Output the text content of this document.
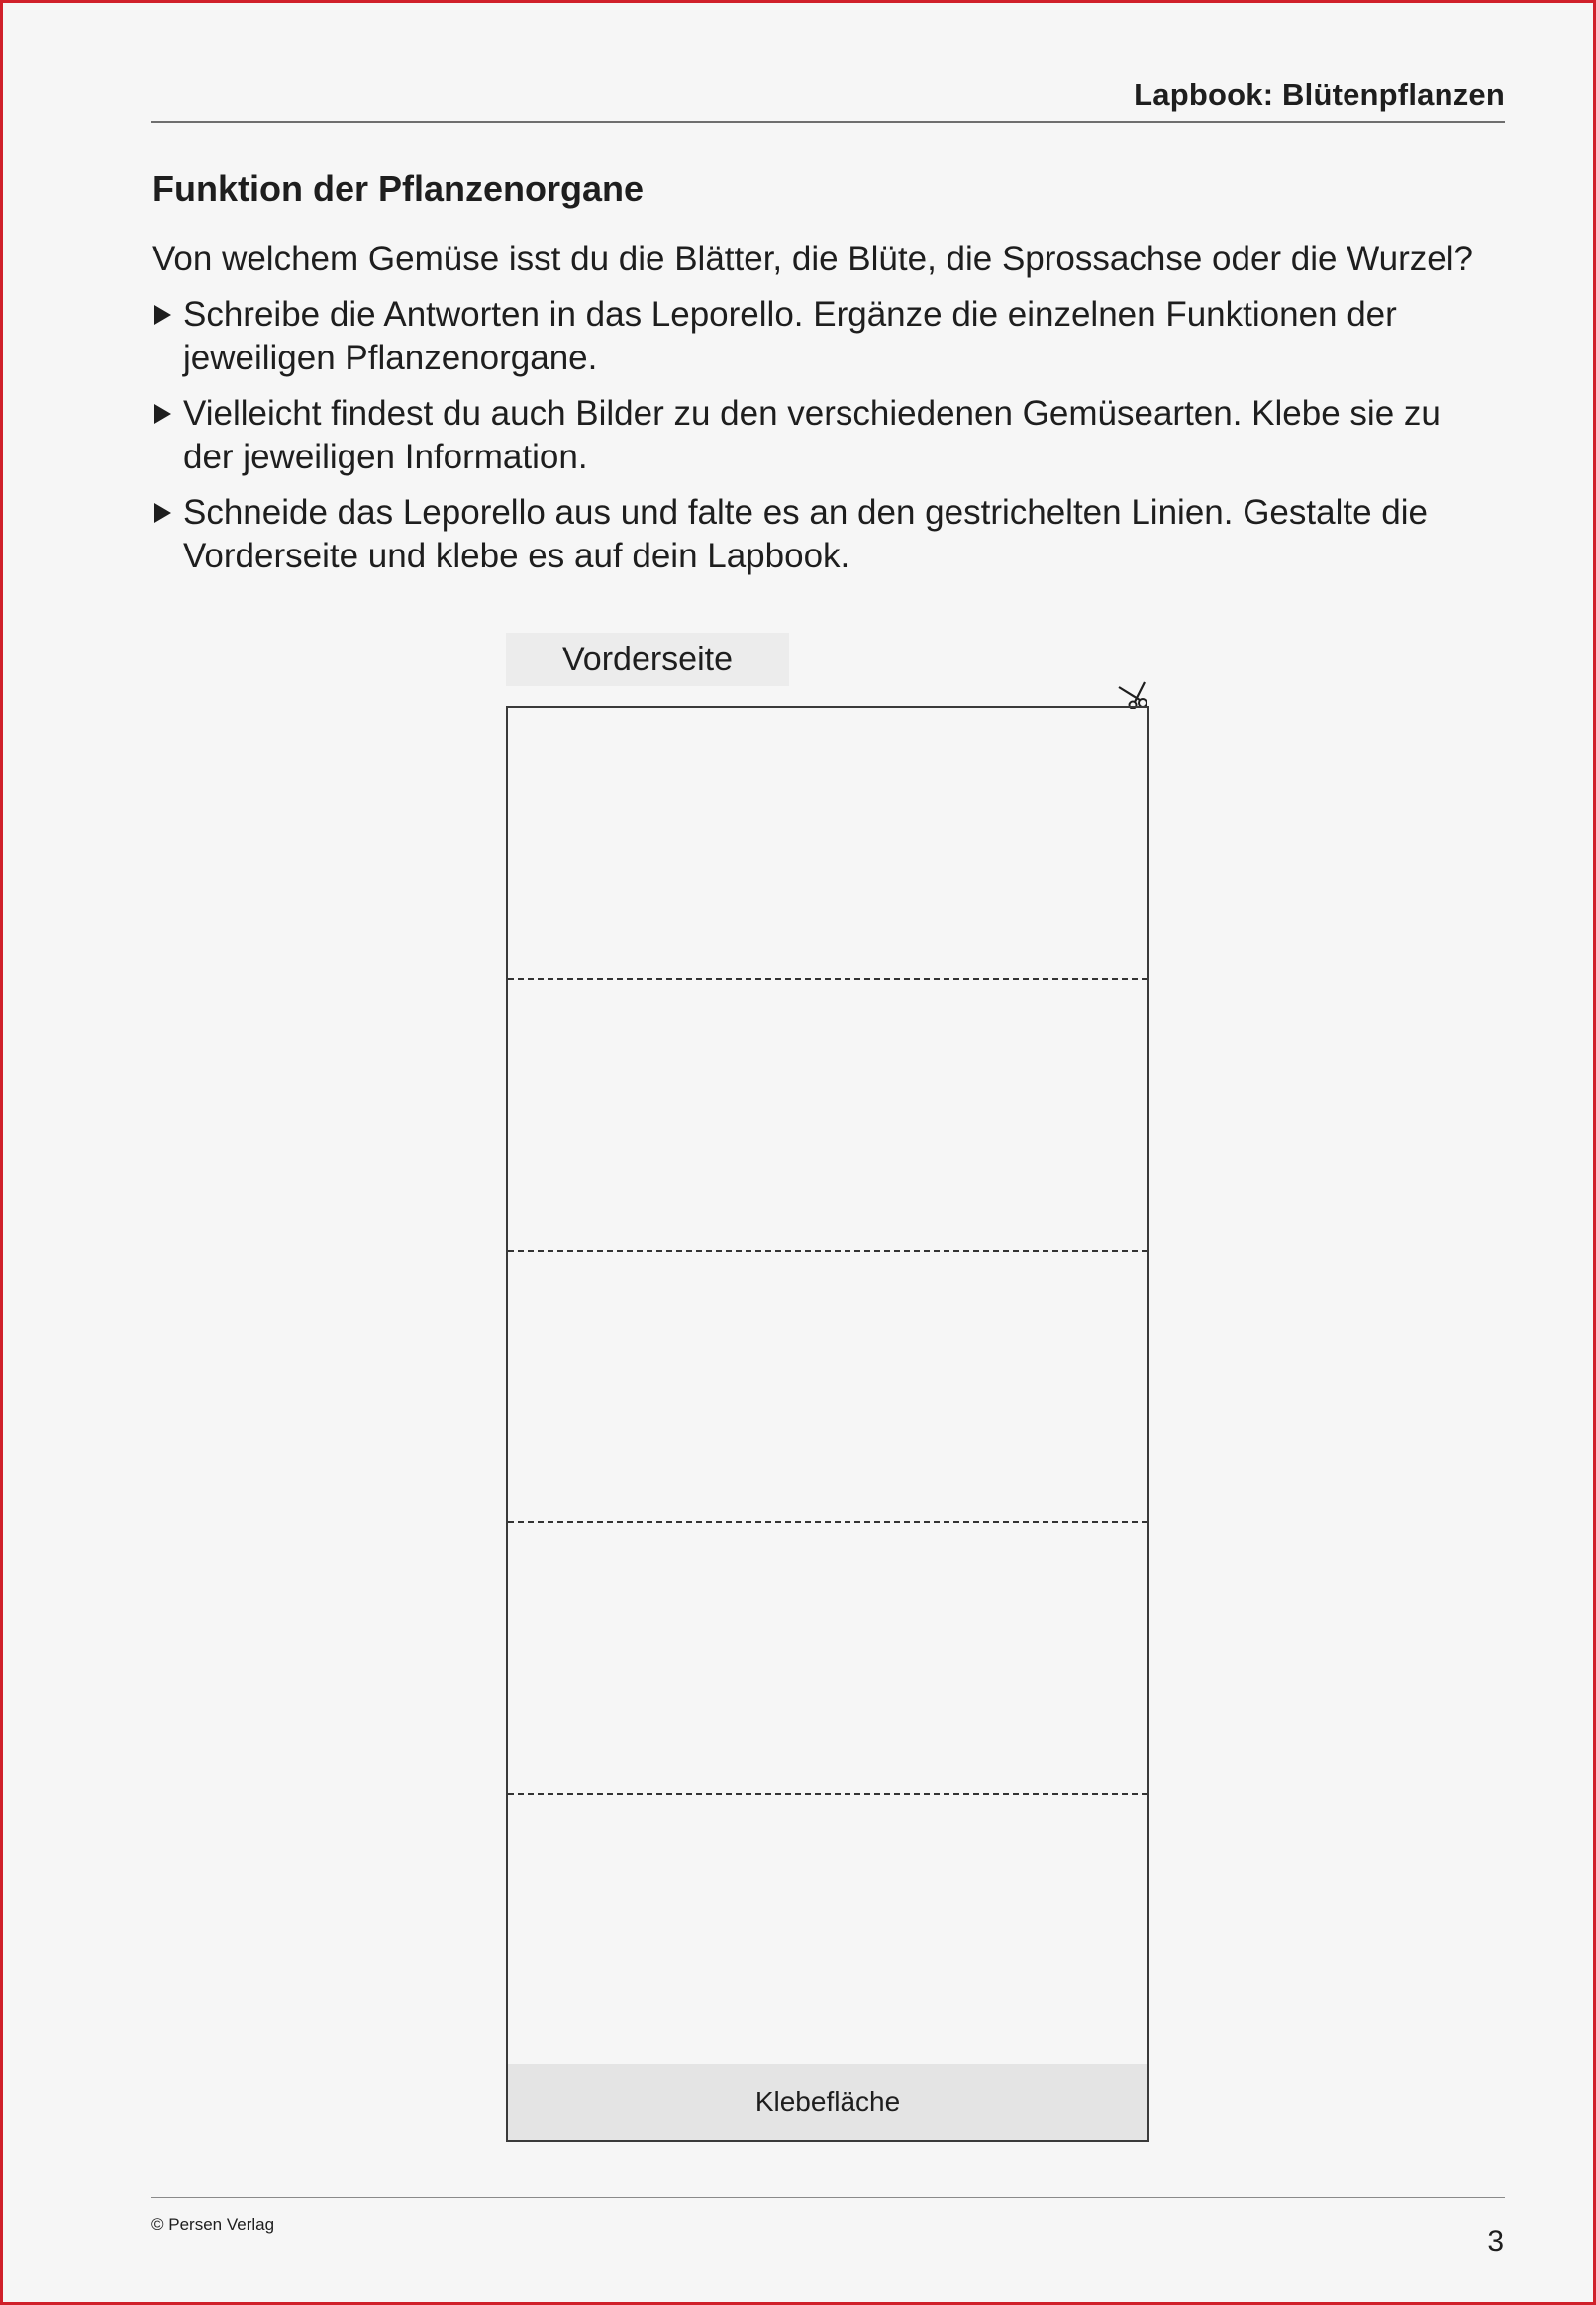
Lapbook: Blütenpflanzen
Funktion der Pflanzenorgane

Von welchem Gemüse isst du die Blätter, die Blüte, die Sprossachse oder die Wurzel?

Schreibe die Antworten in das Leporello. Ergänze die einzelnen Funktionen der jeweiligen Pflanzenorgane.
Vielleicht findest du auch Bilder zu den verschiedenen Gemüsearten. Klebe sie zu der jeweiligen Information.
Schneide das Leporello aus und falte es an den gestrichelten Linien. Gestalte die Vorderseite und klebe es auf dein Lapbook.
Vorderseite
Klebefläche
© Persen Verlag
3
